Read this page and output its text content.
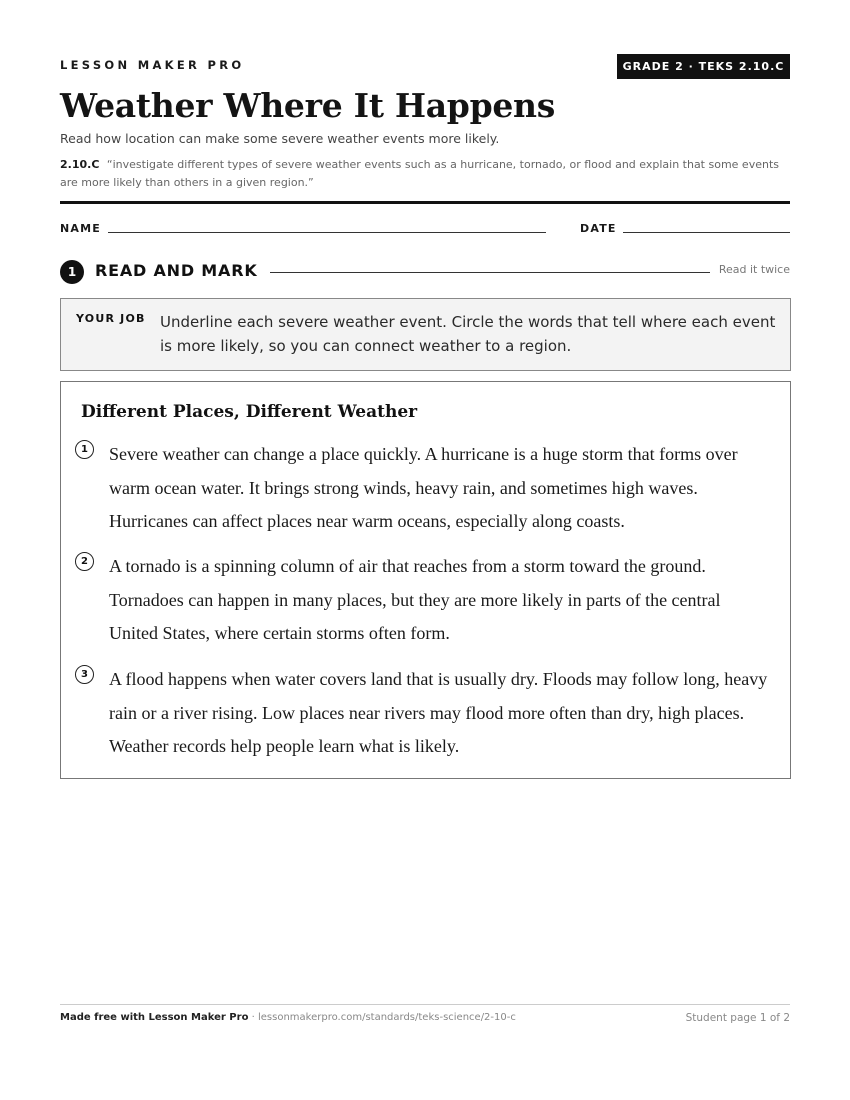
LESSON MAKER PRO	GRADE 2 · TEKS 2.10.C
Weather Where It Happens
Read how location can make some severe weather events more likely.
2.10.C “investigate different types of severe weather events such as a hurricane, tornado, or flood and explain that some events are more likely than others in a given region.”
NAME	DATE
1	READ AND MARK	Read it twice
YOUR JOB Underline each severe weather event. Circle the words that tell where each event is more likely, so you can connect weather to a region.
Different Places, Different Weather
1	Severe weather can change a place quickly. A hurricane is a huge storm that forms over warm ocean water. It brings strong winds, heavy rain, and sometimes high waves. Hurricanes can affect places near warm oceans, especially along coasts.
2	A tornado is a spinning column of air that reaches from a storm toward the ground. Tornadoes can happen in many places, but they are more likely in parts of the central United States, where certain storms often form.
3	A flood happens when water covers land that is usually dry. Floods may follow long, heavy rain or a river rising. Low places near rivers may flood more often than dry, high places. Weather records help people learn what is likely.
Made free with Lesson Maker Pro · lessonmakerpro.com/standards/teks-science/2-10-c	Student page 1 of 2
